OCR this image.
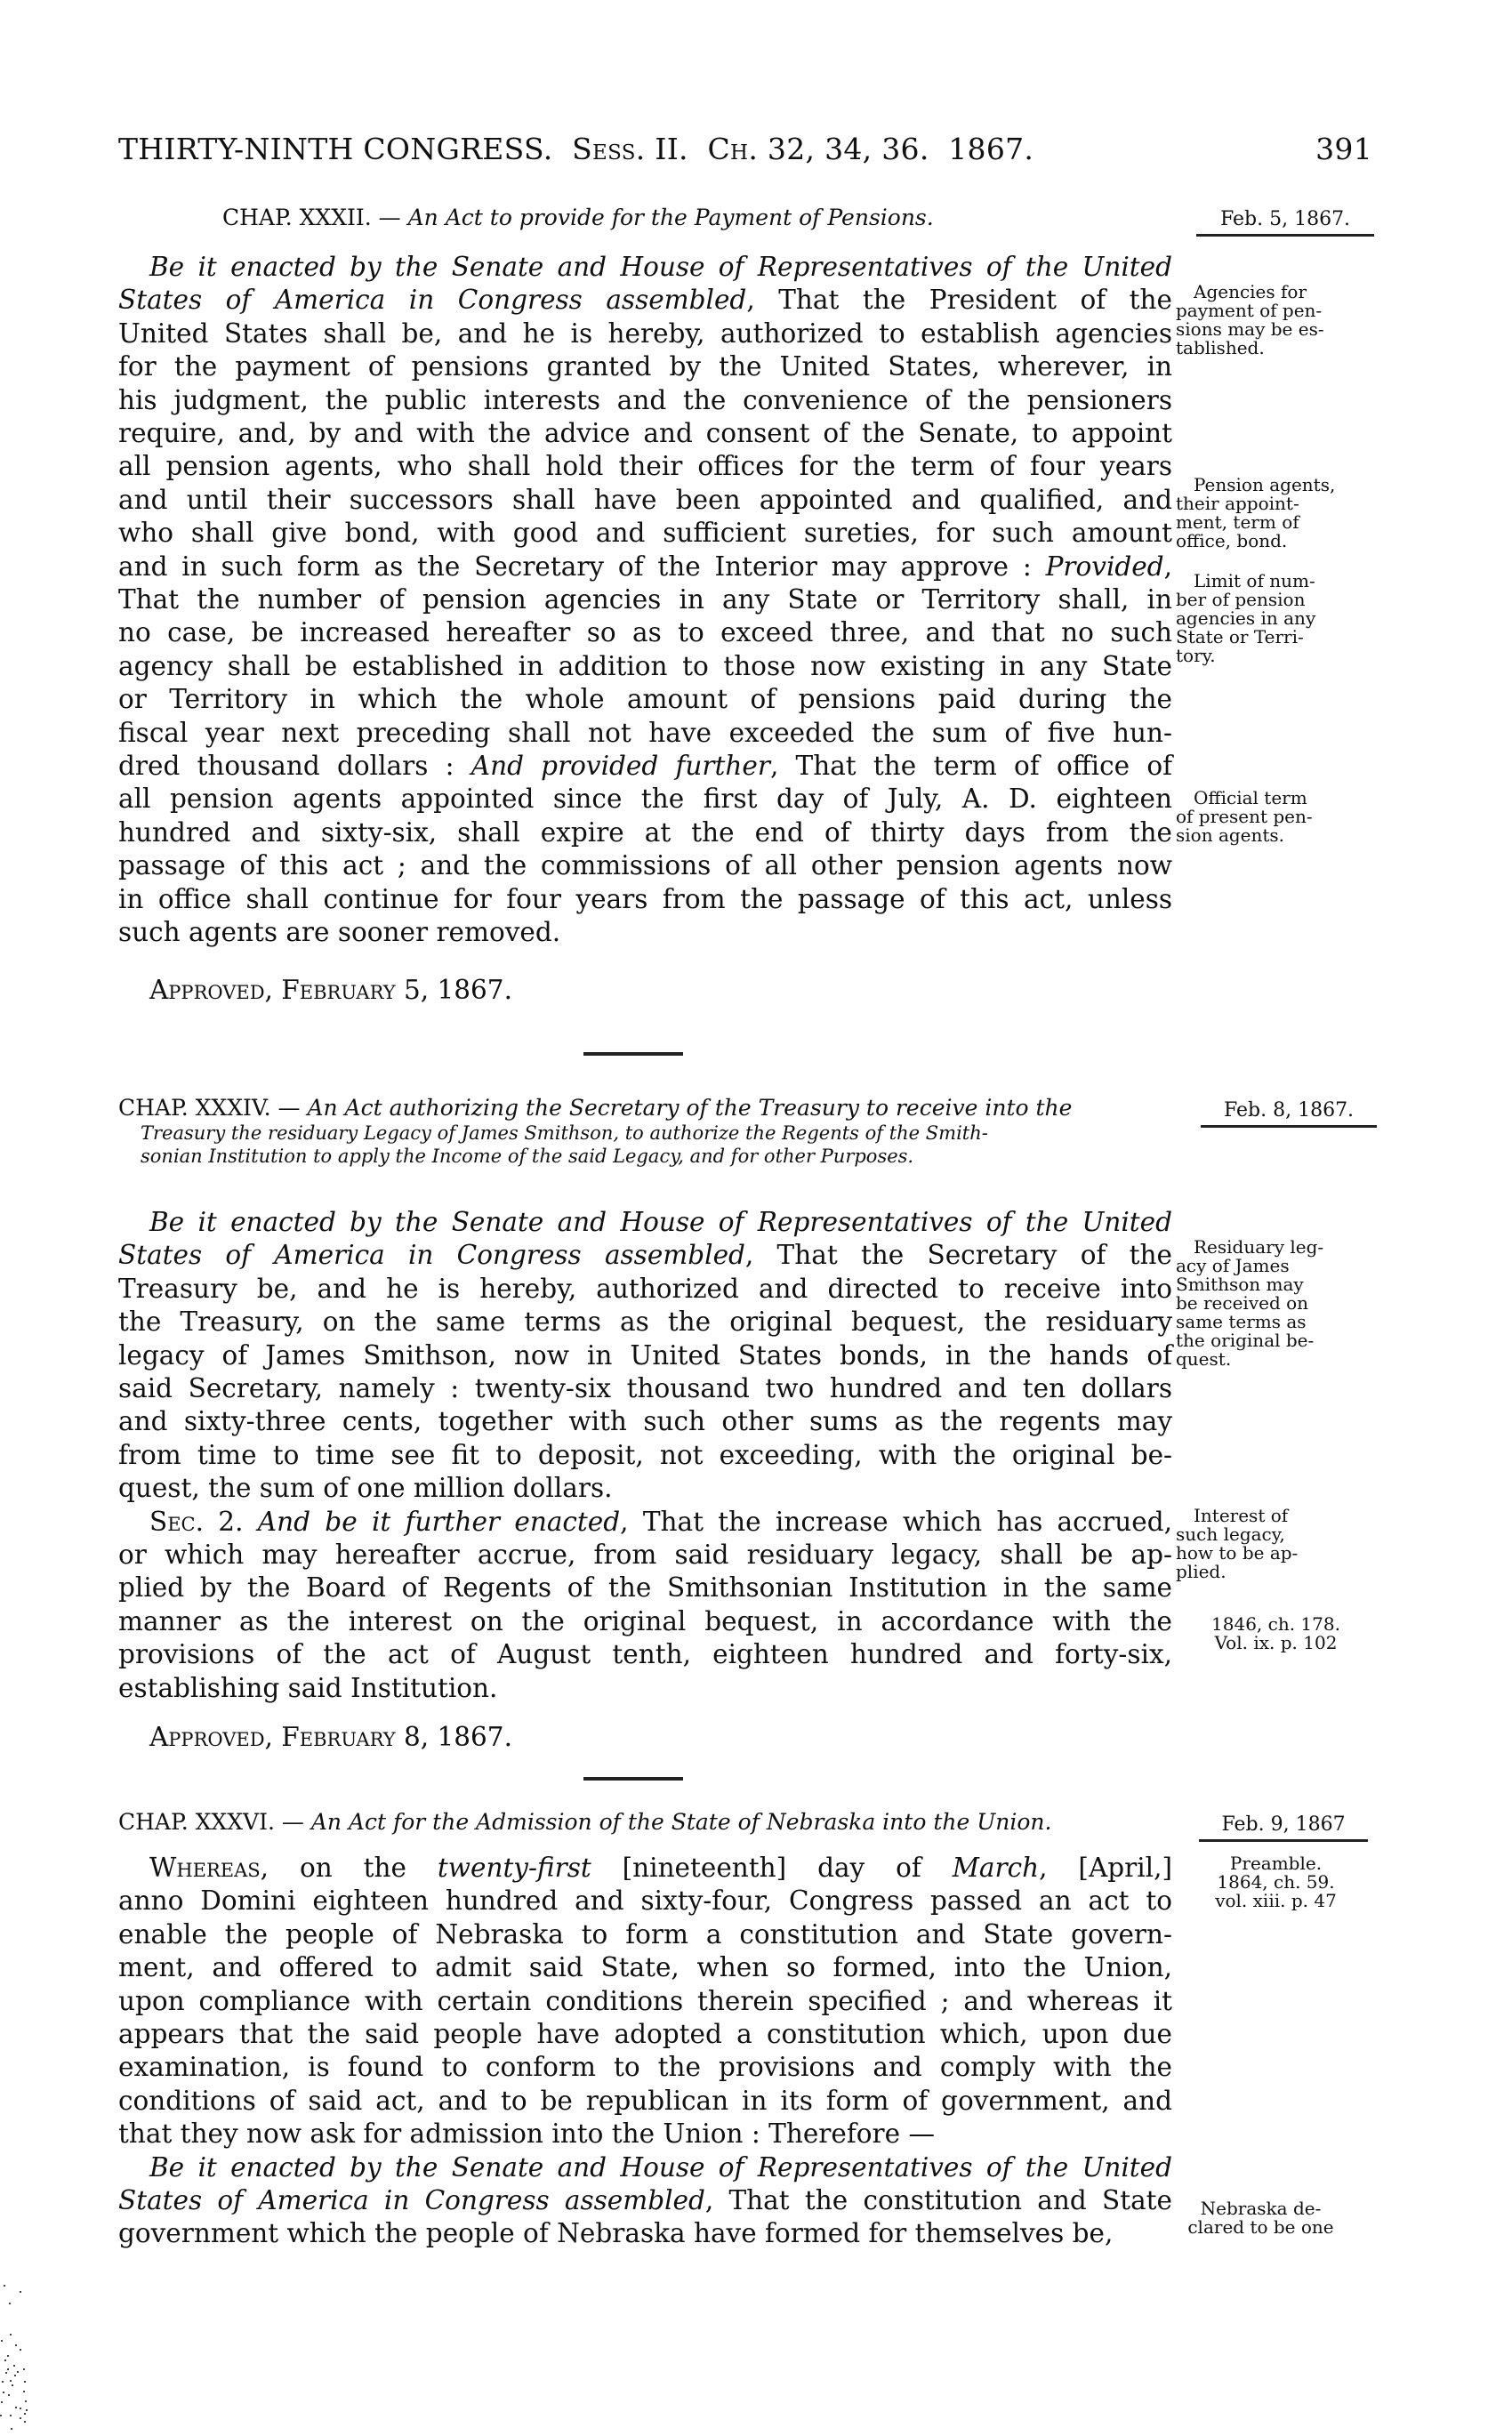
THIRTY-NINTH CONGRESS. Sess. II. Ch. 32, 34, 36. 1867.	391
CHAP. XXXII. — An Act to provide for the Payment of Pensions.	Feb. 5, 1867.
Be it enacted by the Senate and House of Representatives of the United
States of America in Congress assembled, That the President of the
United States shall be, and he is hereby, authorized to establish agencies
for the payment of pensions granted by the United States, wherever, in
his judgment, the public interests and the convenience of the pensioners
require, and, by and with the advice and consent of the Senate, to appoint
all pension agents, who shall hold their offices for the term of four years
and until their successors shall have been appointed and qualified, and
who shall give bond, with good and sufficient sureties, for such amount
and in such form as the Secretary of the Interior may approve : Provided,
That the number of pension agencies in any State or Territory shall, in
no case, be increased hereafter so as to exceed three, and that no such
agency shall be established in addition to those now existing in any State
or Territory in which the whole amount of pensions paid during the
fiscal year next preceding shall not have exceeded the sum of five hun-
dred thousand dollars : And provided further, That the term of office of
all pension agents appointed since the first day of July, A. D. eighteen
hundred and sixty-six, shall expire at the end of thirty days from the
passage of this act ; and the commissions of all other pension agents now
in office shall continue for four years from the passage of this act, unless
such agents are sooner removed.
Agencies for
payment of pen-
sions may be es-
tablished.
Pension agents,
their appoint-
ment, term of
office, bond.
Limit of num-
ber of pension
agencies in any
State or Terri-
tory.
Official term
of present pen-
sion agents.
Approved, February 5, 1867.
CHAP. XXXIV. — An Act authorizing the Secretary of the Treasury to receive into the
Treasury the residuary Legacy of James Smithson, to authorize the Regents of the Smith-
sonian Institution to apply the Income of the said Legacy, and for other Purposes.
Feb. 8, 1867.
Be it enacted by the Senate and House of Representatives of the United
States of America in Congress assembled, That the Secretary of the
Treasury be, and he is hereby, authorized and directed to receive into
the Treasury, on the same terms as the original bequest, the residuary
legacy of James Smithson, now in United States bonds, in the hands of
said Secretary, namely : twenty-six thousand two hundred and ten dollars
and sixty-three cents, together with such other sums as the regents may
from time to time see fit to deposit, not exceeding, with the original be-
quest, the sum of one million dollars.
Sec. 2. And be it further enacted, That the increase which has accrued,
or which may hereafter accrue, from said residuary legacy, shall be ap-
plied by the Board of Regents of the Smithsonian Institution in the same
manner as the interest on the original bequest, in accordance with the
provisions of the act of August tenth, eighteen hundred and forty-six,
establishing said Institution.
Residuary leg-
acy of James
Smithson may
be received on
same terms as
the original be-
quest.
Interest of
such legacy,
how to be ap-
plied.
1846, ch. 178.
Vol. ix. p. 102
Approved, February 8, 1867.
CHAP. XXXVI. — An Act for the Admission of the State of Nebraska into the Union.	Feb. 9, 1867
Whereas, on the twenty-first [nineteenth] day of March, [April,]
anno Domini eighteen hundred and sixty-four, Congress passed an act to
enable the people of Nebraska to form a constitution and State govern-
ment, and offered to admit said State, when so formed, into the Union,
upon compliance with certain conditions therein specified ; and whereas it
appears that the said people have adopted a constitution which, upon due
examination, is found to conform to the provisions and comply with the
conditions of said act, and to be republican in its form of government, and
that they now ask for admission into the Union : Therefore —
Be it enacted by the Senate and House of Representatives of the United
States of America in Congress assembled, That the constitution and State
government which the people of Nebraska have formed for themselves be,
Preamble.
1864, ch. 59.
vol. xiii. p. 47
Nebraska de-
clared to be one
